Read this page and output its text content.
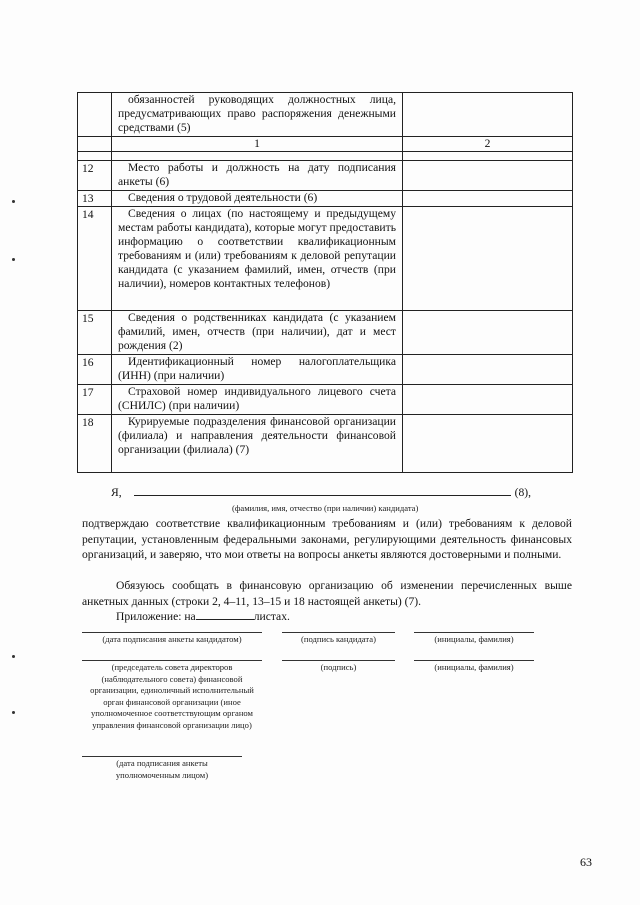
	обязанностей руководящих должностных лица, предусматривающих право распоряжения денежными средствами (5)	
	1	2

12	Место работы и должность на дату подписания анкеты (6)	
13	Сведения о трудовой деятельности (6)	
14	Сведения о лицах (по настоящему и предыдущему местам работы кандидата), которые могут предоставить информацию о соответствии квалификационным требованиям и (или) требованиям к деловой репутации кандидата (с указанием фамилий, имен, отчеств (при наличии), номеров контактных телефонов)	
15	Сведения о родственниках кандидата (с указанием фамилий, имен, отчеств (при наличии), дат и мест рождения (2)	
16	Идентификационный номер налогоплательщика (ИНН) (при наличии)	
17	Страховой номер индивидуального лицевого счета (СНИЛС) (при наличии)	
18	Курируемые подразделения финансовой организации (филиала) и направления деятельности финансовой организации (филиала) (7)	
Я,	(8),
(фамилия, имя, отчество (при наличии) кандидата)

подтверждаю соответствие квалификационным требованиям и (или) требованиям к деловой репутации, установленным федеральными законами, регулирующими деятельность финансовых организаций, и заверяю, что мои ответы на вопросы анкеты являются достоверными и полными.

Обязуюсь сообщать в финансовую организацию об изменении перечисленных выше анкетных данных (строки 2, 4–11, 13–15 и 18 настоящей анкеты) (7).

Приложение: на	листах.
(дата подписания анкеты кандидатом)	(подпись кандидата)	(инициалы, фамилия)
(председатель совета директоров (наблюдательного совета) финансовой организации, единоличный исполнительный орган финансовой организации (иное уполномоченное соответствующим органом управления финансовой организации лицо)
(подпись)	(инициалы, фамилия)
(дата подписания анкеты уполномоченным лицом)
63
